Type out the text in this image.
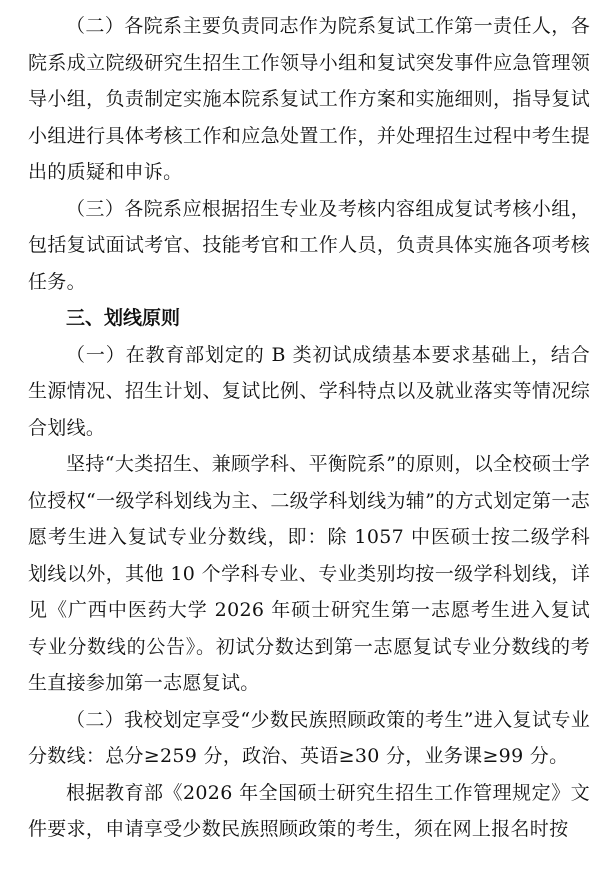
（二）各院系主要负责同志作为院系复试工作第一责任人，各院系成立院级研究生招生工作领导小组和复试突发事件应急管理领导小组，负责制定实施本院系复试工作方案和实施细则，指导复试小组进行具体考核工作和应急处置工作，并处理招生过程中考生提出的质疑和申诉。

（三）各院系应根据招生专业及考核内容组成复试考核小组，包括复试面试考官、技能考官和工作人员，负责具体实施各项考核任务。

三、划线原则

（一）在教育部划定的 B 类初试成绩基本要求基础上，结合生源情况、招生计划、复试比例、学科特点以及就业落实等情况综合划线。

坚持“大类招生、兼顾学科、平衡院系”的原则，以全校硕士学位授权“一级学科划线为主、二级学科划线为辅”的方式划定第一志愿考生进入复试专业分数线，即：除 1057 中医硕士按二级学科划线以外，其他 10 个学科专业、专业类别均按一级学科划线，详见《广西中医药大学 2026 年硕士研究生第一志愿考生进入复试专业分数线的公告》。初试分数达到第一志愿复试专业分数线的考生直接参加第一志愿复试。

（二）我校划定享受“少数民族照顾政策的考生”进入复试专业分数线：总分≥259 分，政治、英语≥30 分，业务课≥99 分。

根据教育部《2026 年全国硕士研究生招生工作管理规定》文件要求，申请享受少数民族照顾政策的考生，须在网上报名时按
